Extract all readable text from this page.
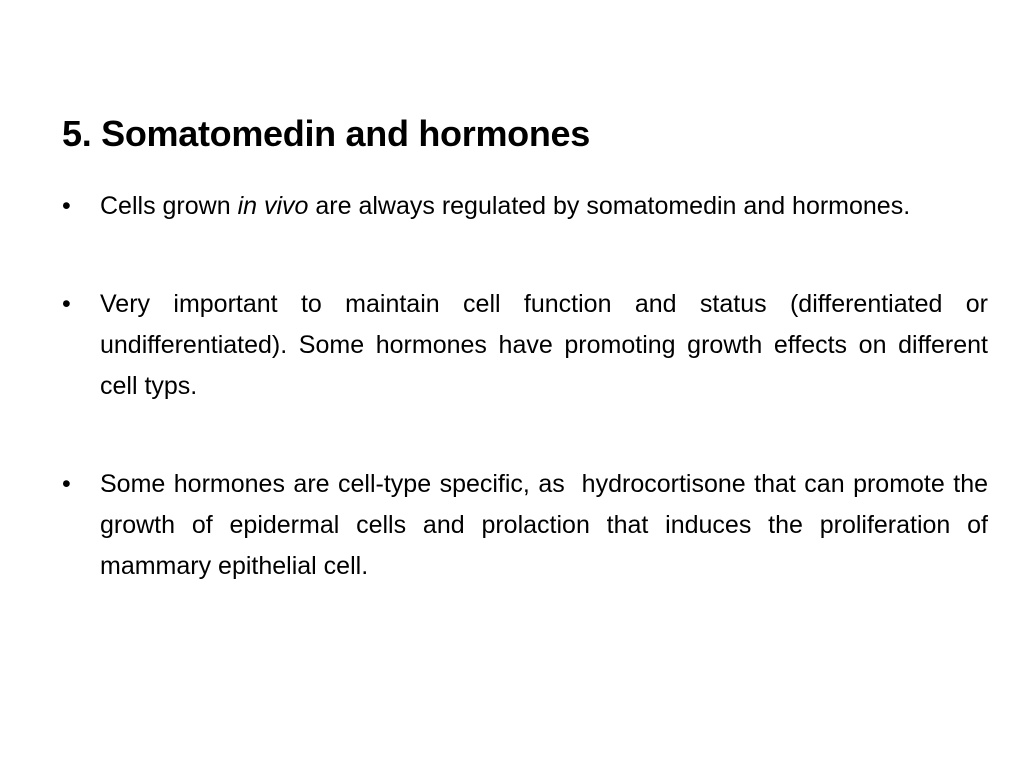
5. Somatomedin and hormones
• Cells grown in vivo are always regulated by somatomedin and hormones.
• Very important to maintain cell function and status (differentiated or undifferentiated). Some hormones have promoting growth effects on different cell typs.
• Some hormones are cell-type specific, as  hydrocortisone that can promote the growth of epidermal cells and prolaction that induces the proliferation of mammary epithelial cell.
